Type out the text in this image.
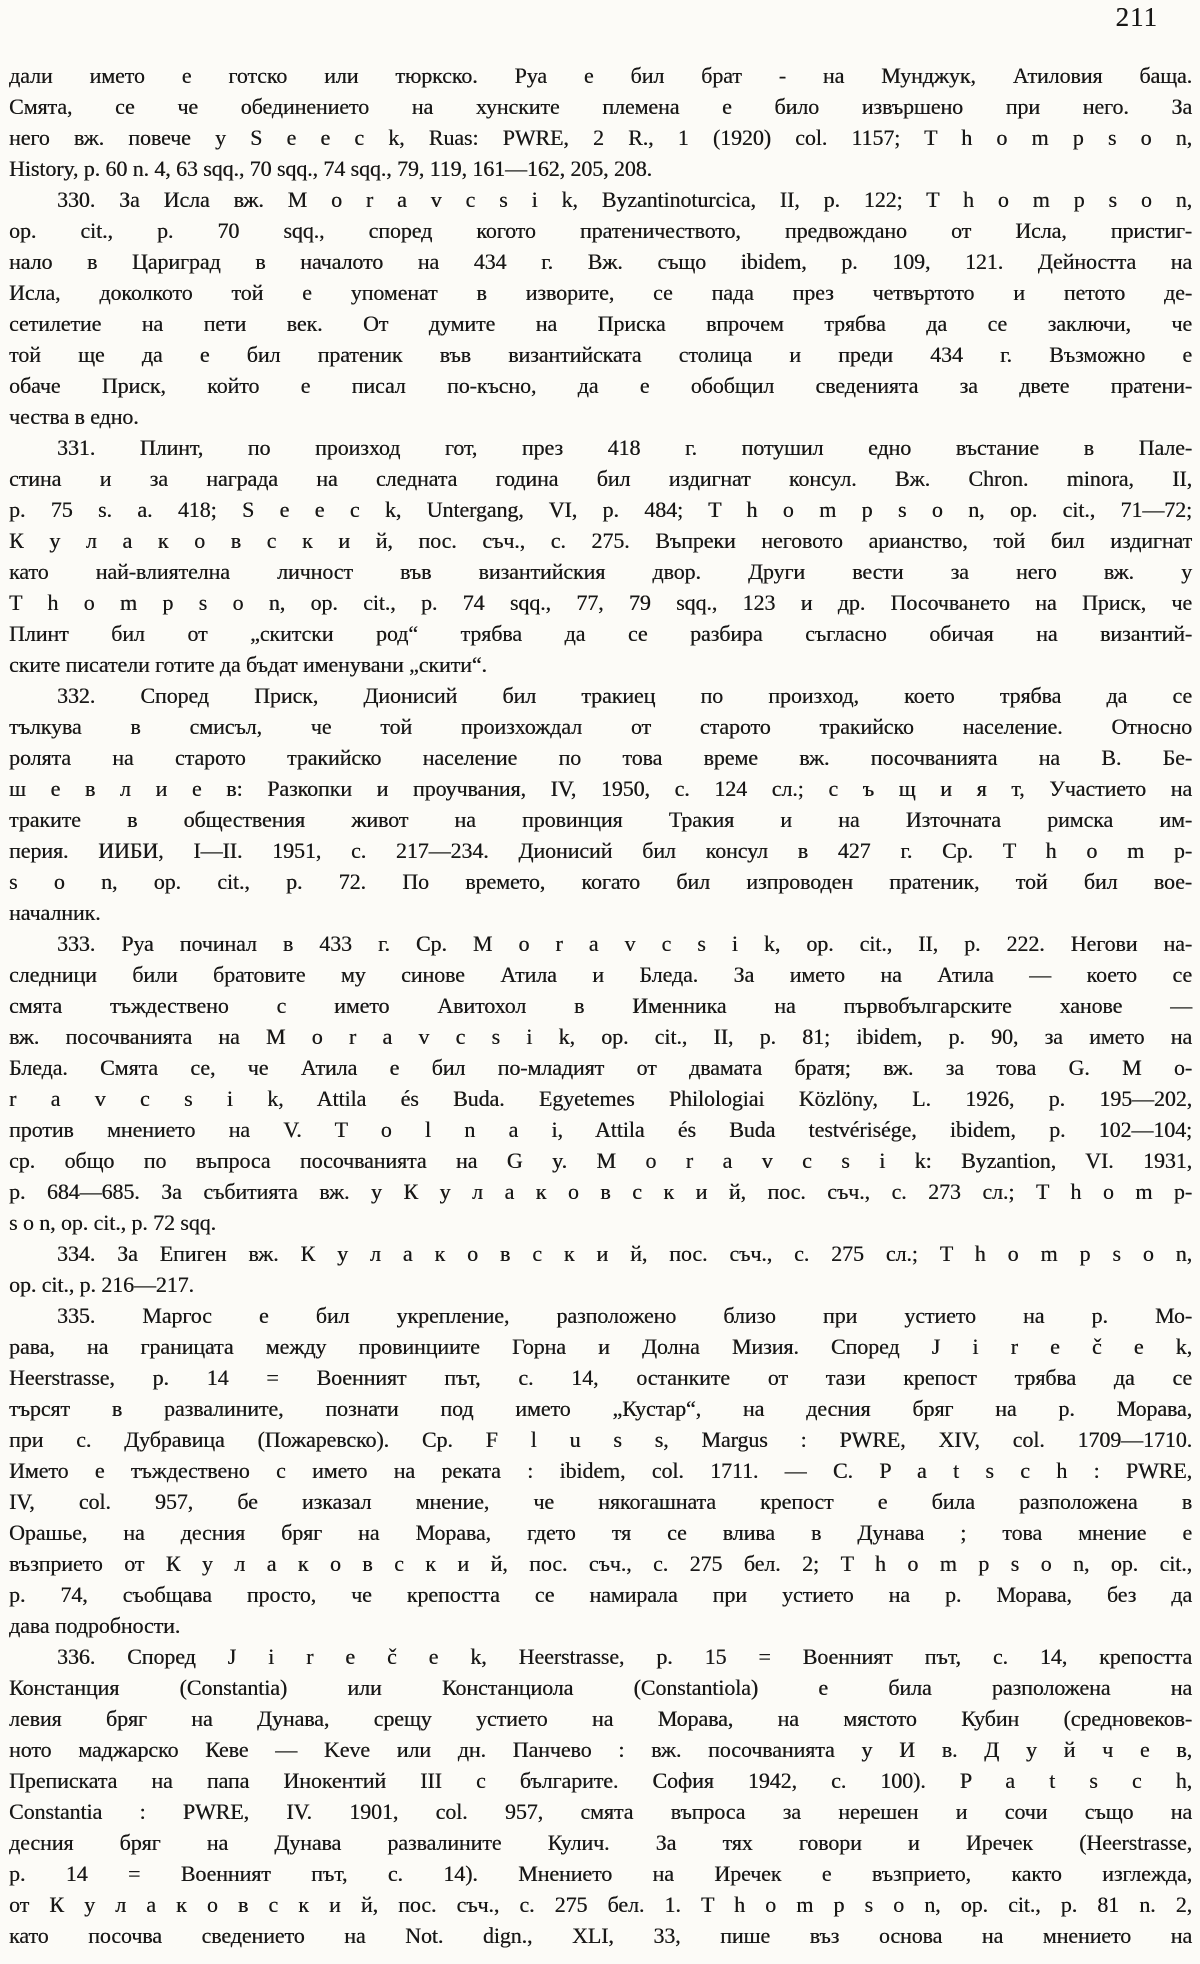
211

дали името е готско или тюркско. Руа е бил брат - на Мунджук, Атиловия баща.
Смята, се че обединението на хунските племена е било извършено при него. За
него вж. повече у S e e c k, Ruas: PWRE, 2 R., 1 (1920) col. 1157; T h o m p s o n,
History, p. 60 n. 4, 63 sqq., 70 sqq., 74 sqq., 79, 119, 161—162, 205, 208.

330. За Исла вж. M o r a v c s i k, Byzantinoturcica, II, p. 122; T h o m p s o n,
op. cit., p. 70 sqq., според когото пратеничеството, предвождано от Исла, пристиг-
нало в Цариград в началото на 434 г. Вж. също ibidem, p. 109, 121. Дейността на
Исла, доколкото той е упоменат в изворите, се пада през четвъртото и петото де-
сетилетие на пети век. От думите на Приска впрочем трябва да се заключи, че
той ще да е бил пратеник във византийската столица и преди 434 г. Възможно е
обаче Приск, който е писал по-късно, да е обобщил сведенията за двете пратени-
чества в едно.

331. Плинт, по произход гот, през 418 г. потушил едно въстание в Пале-
стина и за награда на следната година бил издигнат консул. Вж. Chron. minora, II,
p. 75 s. a. 418; S e e c k, Untergang, VI, p. 484; T h o m p s o n, op. cit., 71—72;
К у л а к о в с к и й, пос. съч., с. 275. Въпреки неговото арианство, той бил издигнат
като най-влиятелна личност във византийския двор. Други вести за него вж. у
T h o m p s o n, op. cit., p. 74 sqq., 77, 79 sqq., 123 и др. Посочването на Приск, че
Плинт бил от „скитски род“ трябва да се разбира съгласно обичая на византий-
ските писатели готите да бъдат именувани „скити“.

332. Според Приск, Дионисий бил тракиец по произход, което трябва да се
тълкува в смисъл, че той произхождал от старото тракийско население. Относно
ролята на старото тракийско население по това време вж. посочванията на В. Бе-
ш е в л и е в: Разкопки и проучвания, IV, 1950, с. 124 сл.; с ъ щ и я т, Участието на
траките в обществения живот на провинция Тракия и на Източната римска им-
перия. ИИБИ, I—II. 1951, с. 217—234. Дионисий бил консул в 427 г. Ср. T h o m p-
s o n, op. cit., p. 72. По времето, когато бил изпроводен пратеник, той бил вое-
началник.

333. Руа починал в 433 г. Ср. M o r a v c s i k, op. cit., II, p. 222. Негови на-
следници били братовите му синове Атила и Бледа. За името на Атила — което се
смята тъждествено с името Авитохол в Именника на първобългарските ханове —
вж. посочванията на M o r a v c s i k, op. cit., II, p. 81; ibidem, p. 90, за името на
Бледа. Смята се, че Атила е бил по-младият от двамата братя; вж. за това G. M o-
r a v c s i k, Attila és Buda. Egyetemes Philologiai Közlöny, L. 1926, p. 195—202,
против мнението на V. T o l n a i, Attila és Buda testvérisége, ibidem, p. 102—104;
ср. общо по въпроса посочванията на G y. M o r a v c s i k: Byzantion, VI. 1931,
p. 684—685. За събитията вж. у К у л а к о в с к и й, пос. съч., с. 273 сл.; T h o m p-
s o n, op. cit., p. 72 sqq.

334. За Епиген вж. К у л а к о в с к и й, пос. съч., с. 275 сл.; T h o m p s o n,
op. cit., p. 216—217.

335. Маргос е бил укрепление, разположено близо при устието на р. Мо-
рава, на границата между провинциите Горна и Долна Мизия. Според J i r e č e k,
Heerstrasse, p. 14 = Военният път, с. 14, останките от тази крепост трябва да се
търсят в развалините, познати под името „Кустар“, на десния бряг на р. Морава,
при с. Дубравица (Пожаревско). Ср. F l u s s, Margus : PWRE, XIV, col. 1709—1710.
Името е тъждествено с името на реката : ibidem, col. 1711. — C. P a t s c h : PWRE,
IV, col. 957, бе изказал мнение, че някогашната крепост е била разположена в
Орашье, на десния бряг на Морава, гдето тя се влива в Дунава ; това мнение е
възприето от К у л а к о в с к и й, пос. съч., с. 275 бел. 2; T h o m p s o n, op. cit.,
p. 74, съобщава просто, че крепостта се намирала при устието на р. Морава, без да
дава подробности.

336. Според J i r e č e k, Heerstrasse, p. 15 = Военният път, с. 14, крепостта
Констанция (Constantia) или Констанциола (Constantiola) е била разположена на
левия бряг на Дунава, срещу устието на Морава, на мястото Кубин (средновеков-
ното маджарско Кеве — Keve или дн. Панчево : вж. посочванията у И в. Д у й ч е в,
Преписката на папа Инокентий III с българите. София 1942, с. 100). P a t s c h,
Constantia : PWRE, IV. 1901, col. 957, смята въпроса за нерешен и сочи също на
десния бряг на Дунава развалините Кулич. За тях говори и Иречек (Heerstrasse,
p. 14 = Военният път, с. 14). Мнението на Иречек е възприето, както изглежда,
от К у л а к о в с к и й, пос. съч., с. 275 бел. 1. T h o m p s o n, op. cit., p. 81 n. 2,
като посочва сведението на Not. dign., XLI, 33, пише въз основа на мнението на
